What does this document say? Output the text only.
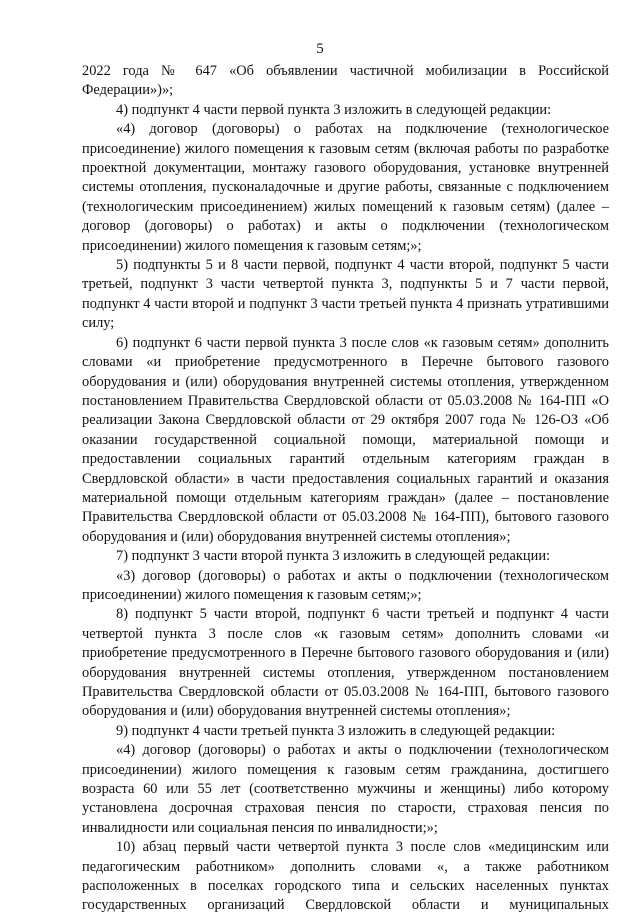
5

2022 года № 647 «Об объявлении частичной мобилизации в Российской Федерации»)»;

4) подпункт 4 части первой пункта 3 изложить в следующей редакции:

«4) договор (договоры) о работах на подключение (технологическое присоединение) жилого помещения к газовым сетям (включая работы по разработке проектной документации, монтажу газового оборудования, установке внутренней системы отопления, пусконаладочные и другие работы, связанные с подключением (технологическим присоединением) жилых помещений к газовым сетям) (далее – договор (договоры) о работах) и акты о подключении (технологическом присоединении) жилого помещения к газовым сетям;»;

5) подпункты 5 и 8 части первой, подпункт 4 части второй, подпункт 5 части третьей, подпункт 3 части четвертой пункта 3, подпункты 5 и 7 части первой, подпункт 4 части второй и подпункт 3 части третьей пункта 4 признать утратившими силу;

6) подпункт 6 части первой пункта 3 после слов «к газовым сетям» дополнить словами «и приобретение предусмотренного в Перечне бытового газового оборудования и (или) оборудования внутренней системы отопления, утвержденном постановлением Правительства Свердловской области от 05.03.2008 № 164-ПП «О реализации Закона Свердловской области от 29 октября 2007 года № 126-ОЗ «Об оказании государственной социальной помощи, материальной помощи и предоставлении социальных гарантий отдельным категориям граждан в Свердловской области» в части предоставления социальных гарантий и оказания материальной помощи отдельным категориям граждан» (далее – постановление Правительства Свердловской области от 05.03.2008 № 164-ПП), бытового газового оборудования и (или) оборудования внутренней системы отопления»;

7) подпункт 3 части второй пункта 3 изложить в следующей редакции:

«3) договор (договоры) о работах и акты о подключении (технологическом присоединении) жилого помещения к газовым сетям;»;

8) подпункт 5 части второй, подпункт 6 части третьей и подпункт 4 части четвертой пункта 3 после слов «к газовым сетям» дополнить словами «и приобретение предусмотренного в Перечне бытового газового оборудования и (или) оборудования внутренней системы отопления, утвержденном постановлением Правительства Свердловской области от 05.03.2008 № 164-ПП, бытового газового оборудования и (или) оборудования внутренней системы отопления»;

9) подпункт 4 части третьей пункта 3 изложить в следующей редакции:

«4) договор (договоры) о работах и акты о подключении (технологическом присоединении) жилого помещения к газовым сетям гражданина, достигшего возраста 60 или 55 лет (соответственно мужчины и женщины) либо которому установлена досрочная страховая пенсия по старости, страховая пенсия по инвалидности или социальная пенсия по инвалидности;»;

10) абзац первый части четвертой пункта 3 после слов «медицинским или педагогическим работником» дополнить словами «, а также работником расположенных в поселках городского типа и сельских населенных пунктах государственных организаций Свердловской области и муниципальных
